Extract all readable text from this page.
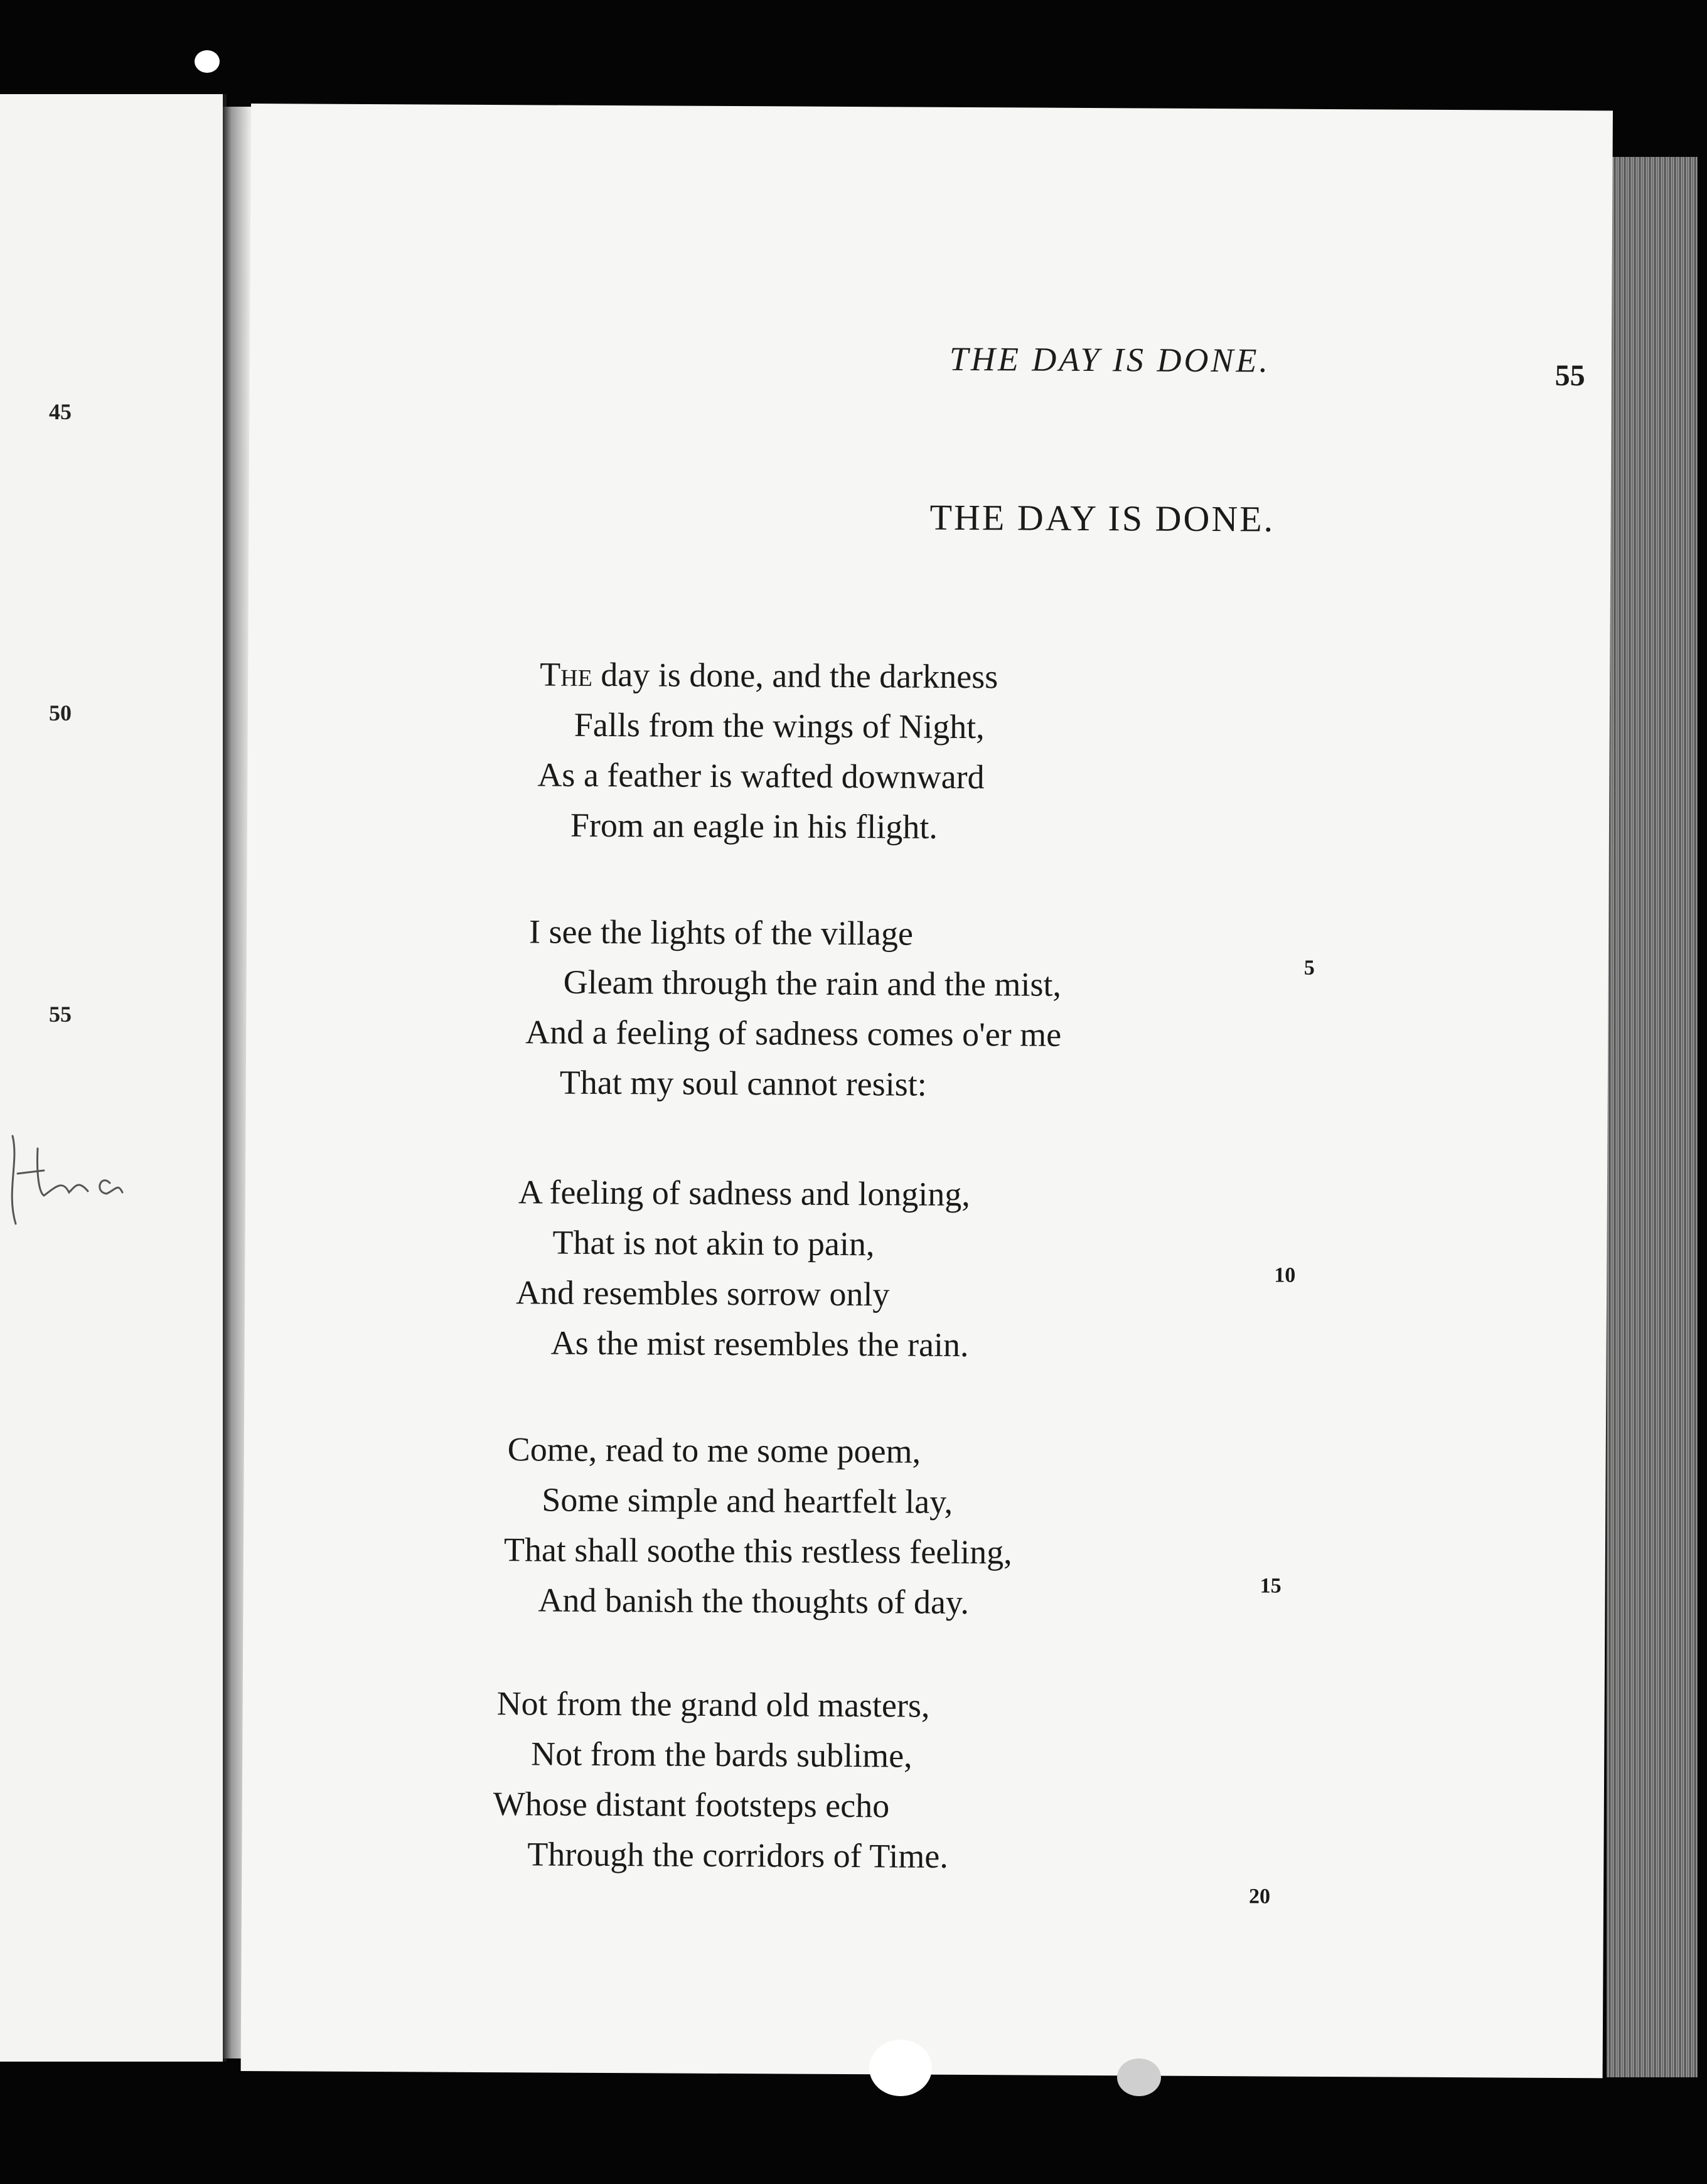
45
50
55
THE DAY IS DONE.	55
THE DAY IS DONE.
The day is done, and the darkness
Falls from the wings of Night,
As a feather is wafted downward
From an eagle in his flight.
I see the lights of the village
Gleam through the rain and the mist,
And a feeling of sadness comes o'er me
That my soul cannot resist:
5
A feeling of sadness and longing,
That is not akin to pain,
And resembles sorrow only
As the mist resembles the rain.
10
Come, read to me some poem,
Some simple and heartfelt lay,
That shall soothe this restless feeling,
And banish the thoughts of day.	15
Not from the grand old masters,
Not from the bards sublime,
Whose distant footsteps echo
Through the corridors of Time.
20
